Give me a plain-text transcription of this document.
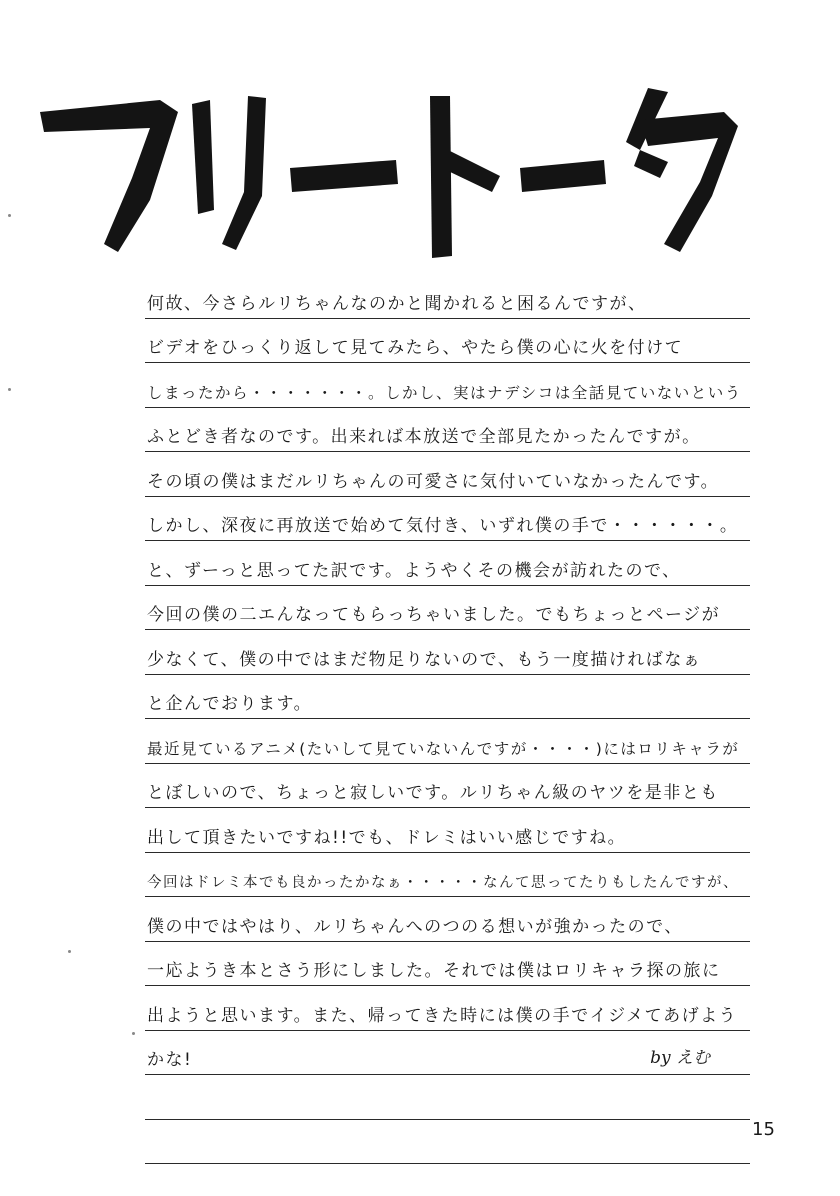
何故、今さらルリちゃんなのかと聞かれると困るんですが、
ビデオをひっくり返して見てみたら、やたら僕の心に火を付けて
しまったから・・・・・・・。しかし、実はナデシコは全話見ていないという
ふとどき者なのです。出来れば本放送で全部見たかったんですが。
その頃の僕はまだルリちゃんの可愛さに気付いていなかったんです。
しかし、深夜に再放送で始めて気付き、いずれ僕の手で・・・・・・。
と、ずーっと思ってた訳です。ようやくその機会が訪れたので、
今回の僕の二エんなってもらっちゃいました。でもちょっとページが
少なくて、僕の中ではまだ物足りないので、もう一度描ければなぁ
と企んでおります。
最近見ているアニメ(たいして見ていないんですが・・・・)にはロリキャラが
とぼしいので、ちょっと寂しいです。ルリちゃん級のヤツを是非とも
出して頂きたいですね!!でも、ドレミはいい感じですね。
今回はドレミ本でも良かったかなぁ・・・・・なんて思ってたりもしたんですが、
僕の中ではやはり、ルリちゃんへのつのる想いが強かったので、
一応ようき本とさう形にしました。それでは僕はロリキャラ探の旅に
出ようと思います。また、帰ってきた時には僕の手でイジメてあげよう
かな!	by えむ
15
